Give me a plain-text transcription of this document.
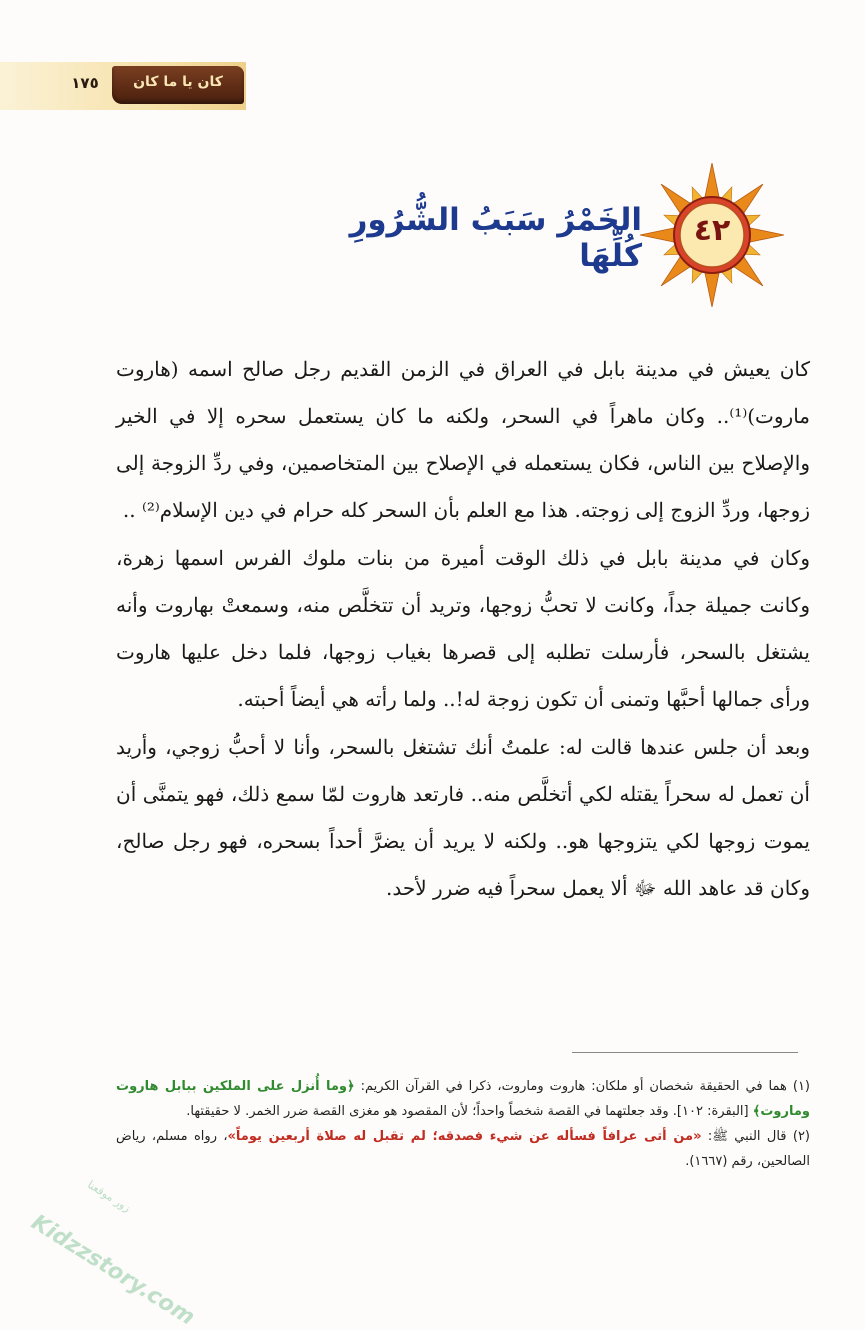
كان يا ما كان
١٧٥
٤٢
الخَمْرُ سَبَبُ الشُّرُورِ كُلِّهَا

كان يعيش في مدينة بابل في العراق في الزمن القديم رجل صالح اسمه (هاروت ماروت)⁽¹⁾.. وكان ماهراً في السحر، ولكنه ما كان يستعمل سحره إلا في الخير والإصلاح بين الناس، فكان يستعمله في الإصلاح بين المتخاصمين، وفي ردِّ الزوجة إلى زوجها، وردِّ الزوج إلى زوجته. هذا مع العلم بأن السحر كله حرام في دين الإسلام⁽²⁾ ..

وكان في مدينة بابل في ذلك الوقت أميرة من بنات ملوك الفرس اسمها زهرة، وكانت جميلة جداً، وكانت لا تحبُّ زوجها، وتريد أن تتخلَّص منه، وسمعتْ بهاروت وأنه يشتغل بالسحر، فأرسلت تطلبه إلى قصرها بغياب زوجها، فلما دخل عليها هاروت ورأى جمالها أحبَّها وتمنى أن تكون زوجة له!.. ولما رأته هي أيضاً أحبته.

وبعد أن جلس عندها قالت له: علمتُ أنك تشتغل بالسحر، وأنا لا أحبُّ زوجي، وأريد أن تعمل له سحراً يقتله لكي أتخلَّص منه.. فارتعد هاروت لمّا سمع ذلك، فهو يتمنَّى أن يموت زوجها لكي يتزوجها هو.. ولكنه لا يريد أن يضرَّ أحداً بسحره، فهو رجل صالح، وكان قد عاهد الله ﷻ ألا يعمل سحراً فيه ضرر لأحد.

(١) هما في الحقيقة شخصان أو ملكان: هاروت وماروت، ذكرا في القرآن الكريم: ﴿وما أُنزل على الملكين ببابل هاروت وماروت﴾ [البقرة: ١٠٢]. وقد جعلتهما في القصة شخصاً واحداً؛ لأن المقصود هو مغزى القصة ضرر الخمر. لا حقيقتها.

(٢) قال النبي ﷺ: «من أتى عرافاً فسأله عن شيء فصدقه؛ لم تقبل له صلاة أربعين يوماً»، رواه مسلم، رياض الصالحين، رقم (١٦٦٧).

زور موقعنا
Kidzzstory.com
